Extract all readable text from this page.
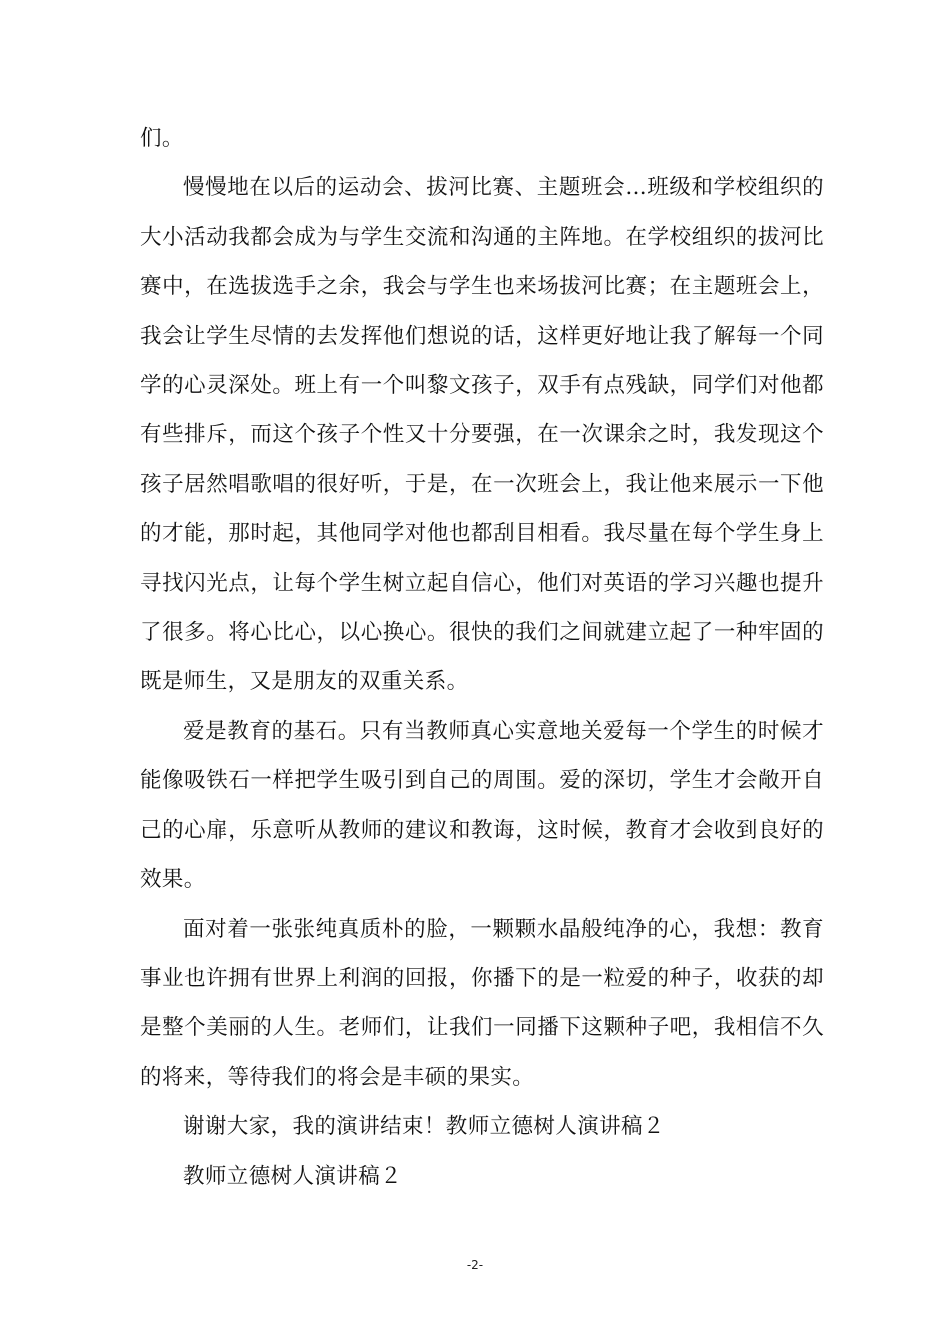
们。

慢慢地在以后的运动会、拔河比赛、主题班会…班级和学校组织的大小活动我都会成为与学生交流和沟通的主阵地。在学校组织的拔河比赛中，在选拔选手之余，我会与学生也来场拔河比赛；在主题班会上，我会让学生尽情的去发挥他们想说的话，这样更好地让我了解每一个同学的心灵深处。班上有一个叫黎文孩子，双手有点残缺，同学们对他都有些排斥，而这个孩子个性又十分要强，在一次课余之时，我发现这个孩子居然唱歌唱的很好听，于是，在一次班会上，我让他来展示一下他的才能，那时起，其他同学对他也都刮目相看。我尽量在每个学生身上寻找闪光点，让每个学生树立起自信心，他们对英语的学习兴趣也提升了很多。将心比心，以心换心。很快的我们之间就建立起了一种牢固的既是师生，又是朋友的双重关系。

爱是教育的基石。只有当教师真心实意地关爱每一个学生的时候才能像吸铁石一样把学生吸引到自己的周围。爱的深切，学生才会敞开自己的心扉，乐意听从教师的建议和教诲，这时候，教育才会收到良好的效果。

面对着一张张纯真质朴的脸，一颗颗水晶般纯净的心，我想：教育事业也许拥有世界上利润的回报，你播下的是一粒爱的种子，收获的却是整个美丽的人生。老师们，让我们一同播下这颗种子吧，我相信不久的将来，等待我们的将会是丰硕的果实。

谢谢大家，我的演讲结束！教师立德树人演讲稿２

教师立德树人演讲稿２

-2-
